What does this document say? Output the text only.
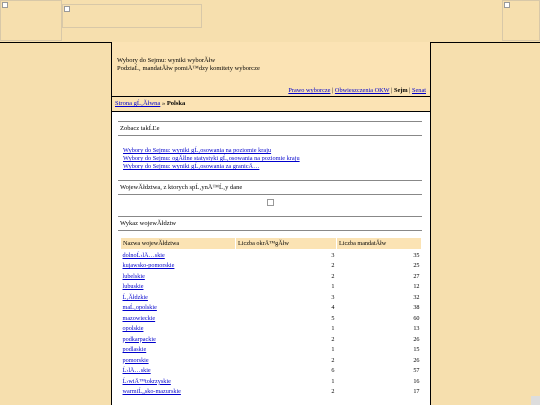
Wybory do Sejmu: wyniki wyborĂłw
PodziaĹ‚ mandatĂłw pomiÄ™dzy komitety wyborcze
Prawo wyborcze | Obwieszczenia OKW | Sejm | Senat
Strona gĹ‚Ăłwna » Polska
Zobacz takĹĽe
Wybory do Sejmu: wyniki gĹ‚osowania na poziomie kraju
Wybory do Sejmu: ogĂłlne statystyki gĹ‚osowania na poziomie kraju
Wybory do Sejmu: wyniki gĹ‚osowania za granicÄ…
WojewĂłdztwa, z ktorych spĹ‚ynÄ™Ĺ‚y dane
Wykaz wojewĂłdztw
Nazwa wojewĂłdztwa	Liczba okrÄ™gĂłw	Liczba mandatĂłw
dolnoĹ›lÄ…skie	3	35
kujawsko-pomorskie	2	25
lubelskie	2	27
lubuskie	1	12
Ĺ‚Ăłdzkie	3	32
maĹ‚opolskie	4	38
mazowieckie	5	60
opolskie	1	13
podkarpackie	2	26
podlaskie	1	15
pomorskie	2	26
Ĺ›lÄ…skie	6	57
Ĺ›wiÄ™tokrzyskie	1	16
warmiĹ„sko-mazurskie	2	17
